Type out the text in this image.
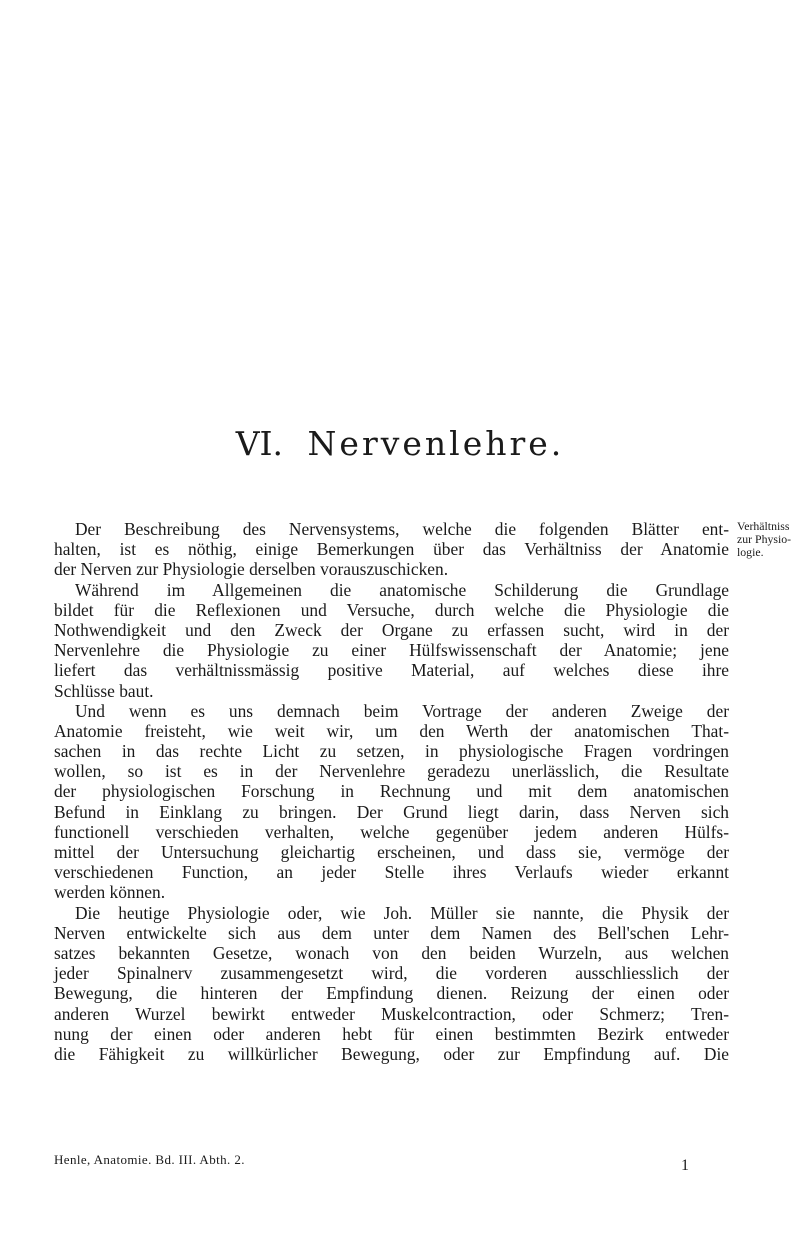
VI. Nervenlehre.
Verhältniss
zur Physio-
logie.
Der Beschreibung des Nervensystems, welche die folgenden Blätter ent-
halten, ist es nöthig, einige Bemerkungen über das Verhältniss der Anatomie
der Nerven zur Physiologie derselben vorauszuschicken.
Während im Allgemeinen die anatomische Schilderung die Grundlage
bildet für die Reflexionen und Versuche, durch welche die Physiologie die
Nothwendigkeit und den Zweck der Organe zu erfassen sucht, wird in der
Nervenlehre die Physiologie zu einer Hülfswissenschaft der Anatomie; jene
liefert das verhältnissmässig positive Material, auf welches diese ihre
Schlüsse baut.
Und wenn es uns demnach beim Vortrage der anderen Zweige der
Anatomie freisteht, wie weit wir, um den Werth der anatomischen That-
sachen in das rechte Licht zu setzen, in physiologische Fragen vordringen
wollen, so ist es in der Nervenlehre geradezu unerlässlich, die Resultate
der physiologischen Forschung in Rechnung und mit dem anatomischen
Befund in Einklang zu bringen. Der Grund liegt darin, dass Nerven sich
functionell verschieden verhalten, welche gegenüber jedem anderen Hülfs-
mittel der Untersuchung gleichartig erscheinen, und dass sie, vermöge der
verschiedenen Function, an jeder Stelle ihres Verlaufs wieder erkannt
werden können.
Die heutige Physiologie oder, wie Joh. Müller sie nannte, die Physik der
Nerven entwickelte sich aus dem unter dem Namen des Bell'schen Lehr-
satzes bekannten Gesetze, wonach von den beiden Wurzeln, aus welchen
jeder Spinalnerv zusammengesetzt wird, die vorderen ausschliesslich der
Bewegung, die hinteren der Empfindung dienen. Reizung der einen oder
anderen Wurzel bewirkt entweder Muskelcontraction, oder Schmerz; Tren-
nung der einen oder anderen hebt für einen bestimmten Bezirk entweder
die Fähigkeit zu willkürlicher Bewegung, oder zur Empfindung auf. Die
Henle, Anatomie. Bd. III. Abth. 2.	1
